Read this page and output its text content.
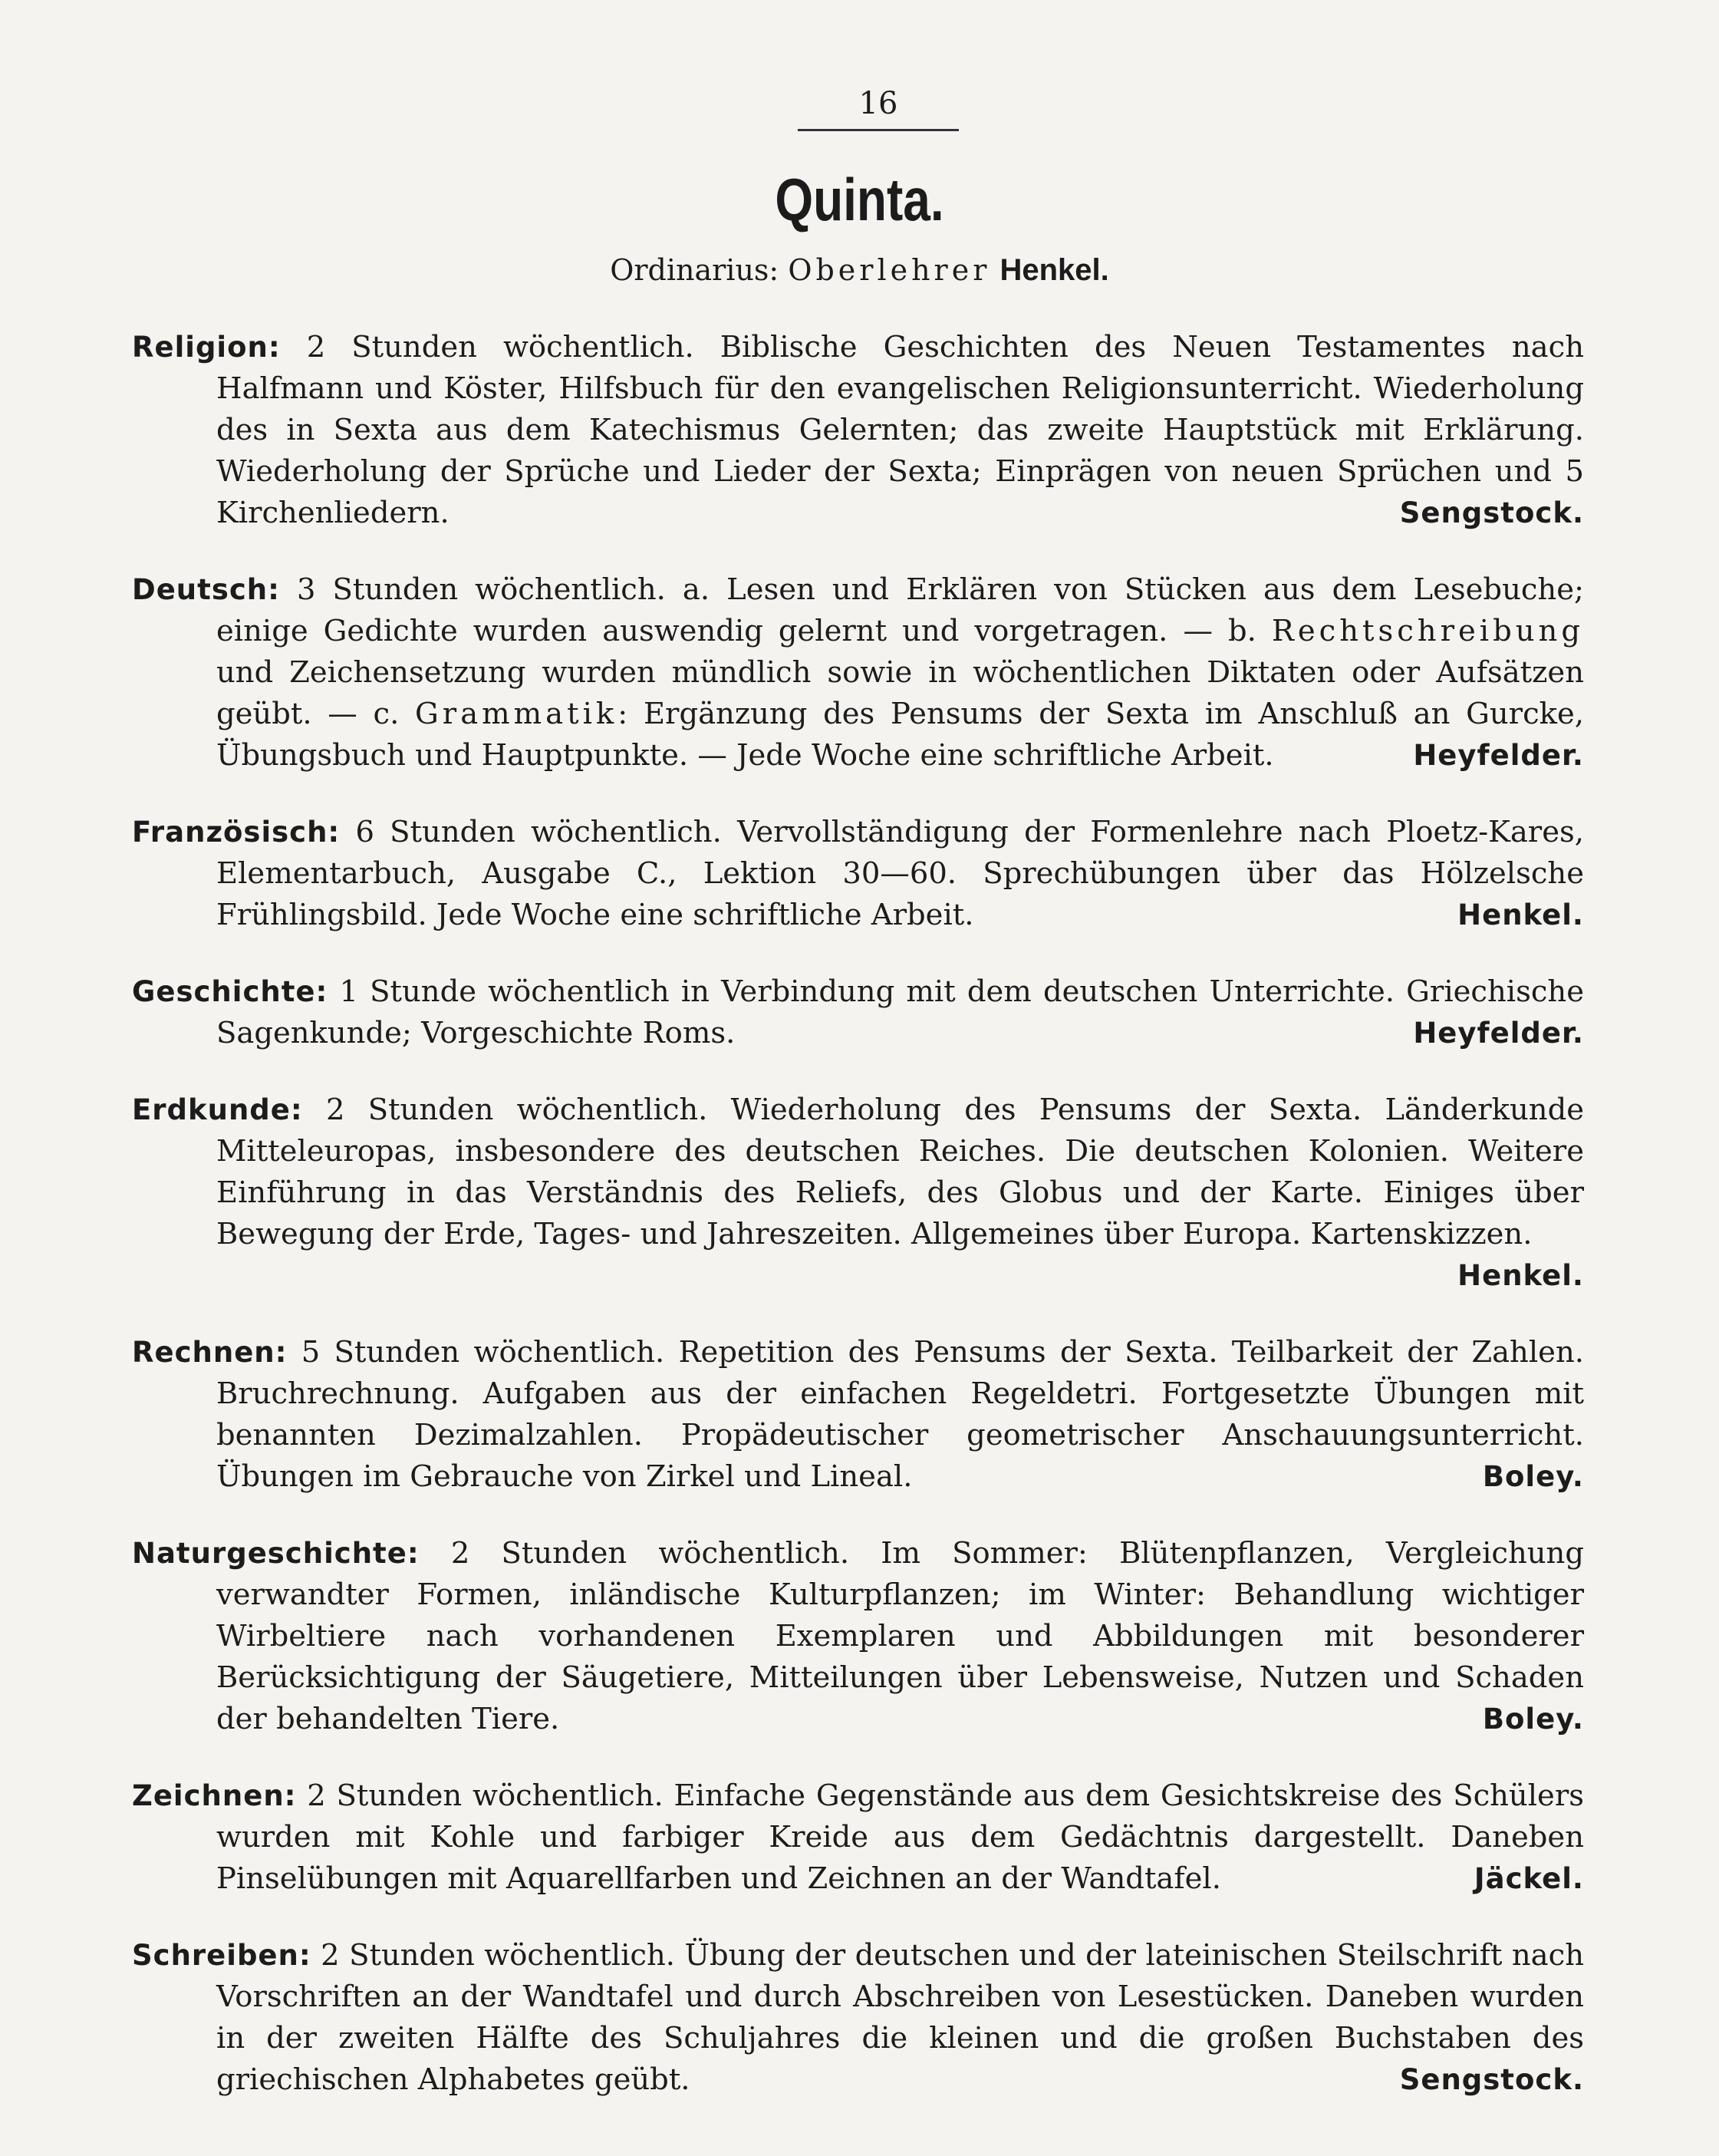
16
Quinta.
Ordinarius: Oberlehrer Henkel.

Religion: 2 Stunden wöchentlich. Biblische Geschichten des Neuen Testamentes nach Halfmann und Köster, Hilfsbuch für den evangelischen Religionsunterricht. Wiederholung des in Sexta aus dem Katechismus Gelernten; das zweite Hauptstück mit Erklärung. Wiederholung der Sprüche und Lieder der Sexta; Einprägen von neuen Sprüchen und 5 Kirchenliedern.	Sengstock.

Deutsch: 3 Stunden wöchentlich. a. Lesen und Erklären von Stücken aus dem Lesebuche; einige Gedichte wurden auswendig gelernt und vorgetragen. — b. Rechtschreibung und Zeichensetzung wurden mündlich sowie in wöchentlichen Diktaten oder Aufsätzen geübt. — c. Grammatik: Ergänzung des Pensums der Sexta im Anschluß an Gurcke, Übungsbuch und Hauptpunkte. — Jede Woche eine schriftliche Arbeit.	Heyfelder.

Französisch: 6 Stunden wöchentlich. Vervollständigung der Formenlehre nach Ploetz-Kares, Elementarbuch, Ausgabe C., Lektion 30—60. Sprechübungen über das Hölzelsche Frühlingsbild. Jede Woche eine schriftliche Arbeit.	Henkel.

Geschichte: 1 Stunde wöchentlich in Verbindung mit dem deutschen Unterrichte. Griechische Sagenkunde; Vorgeschichte Roms.	Heyfelder.

Erdkunde: 2 Stunden wöchentlich. Wiederholung des Pensums der Sexta. Länderkunde Mitteleuropas, insbesondere des deutschen Reiches. Die deutschen Kolonien. Weitere Einführung in das Verständnis des Reliefs, des Globus und der Karte. Einiges über Bewegung der Erde, Tages- und Jahreszeiten. Allgemeines über Europa. Kartenskizzen.
Henkel.

Rechnen: 5 Stunden wöchentlich. Repetition des Pensums der Sexta. Teilbarkeit der Zahlen. Bruchrechnung. Aufgaben aus der einfachen Regeldetri. Fortgesetzte Übungen mit benannten Dezimalzahlen. Propädeutischer geometrischer Anschauungsunterricht. Übungen im Gebrauche von Zirkel und Lineal.	Boley.

Naturgeschichte: 2 Stunden wöchentlich. Im Sommer: Blütenpflanzen, Vergleichung verwandter Formen, inländische Kulturpflanzen; im Winter: Behandlung wichtiger Wirbeltiere nach vorhandenen Exemplaren und Abbildungen mit besonderer Berücksichtigung der Säugetiere, Mitteilungen über Lebensweise, Nutzen und Schaden der behandelten Tiere.	Boley.

Zeichnen: 2 Stunden wöchentlich. Einfache Gegenstände aus dem Gesichtskreise des Schülers wurden mit Kohle und farbiger Kreide aus dem Gedächtnis dargestellt. Daneben Pinselübungen mit Aquarellfarben und Zeichnen an der Wandtafel.	Jäckel.

Schreiben: 2 Stunden wöchentlich. Übung der deutschen und der lateinischen Steilschrift nach Vorschriften an der Wandtafel und durch Abschreiben von Lesestücken. Daneben wurden in der zweiten Hälfte des Schuljahres die kleinen und die großen Buchstaben des griechischen Alphabetes geübt.	Sengstock.
